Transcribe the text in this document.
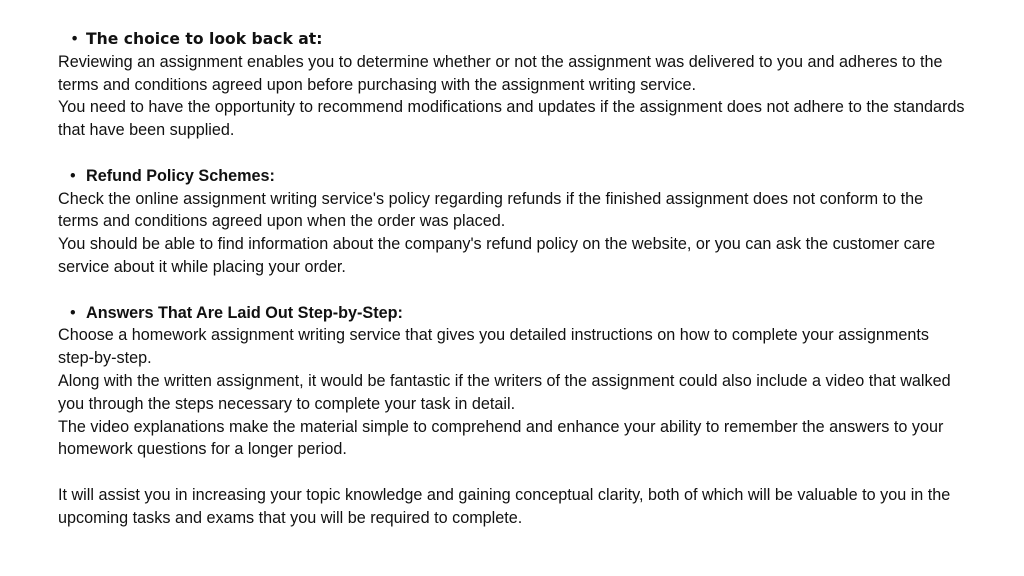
• The choice to look back at:

Reviewing an assignment enables you to determine whether or not the assignment was delivered to you and adheres to the terms and conditions agreed upon before purchasing with the assignment writing service.

You need to have the opportunity to recommend modifications and updates if the assignment does not adhere to the standards that have been supplied.

• Refund Policy Schemes:

Check the online assignment writing service's policy regarding refunds if the finished assignment does not conform to the terms and conditions agreed upon when the order was placed.

You should be able to find information about the company's refund policy on the website, or you can ask the customer care service about it while placing your order.

• Answers That Are Laid Out Step-by-Step:

Choose a homework assignment writing service that gives you detailed instructions on how to complete your assignments step-by-step.

Along with the written assignment, it would be fantastic if the writers of the assignment could also include a video that walked you through the steps necessary to complete your task in detail.

The video explanations make the material simple to comprehend and enhance your ability to remember the answers to your homework questions for a longer period.

It will assist you in increasing your topic knowledge and gaining conceptual clarity, both of which will be valuable to you in the upcoming tasks and exams that you will be required to complete.
